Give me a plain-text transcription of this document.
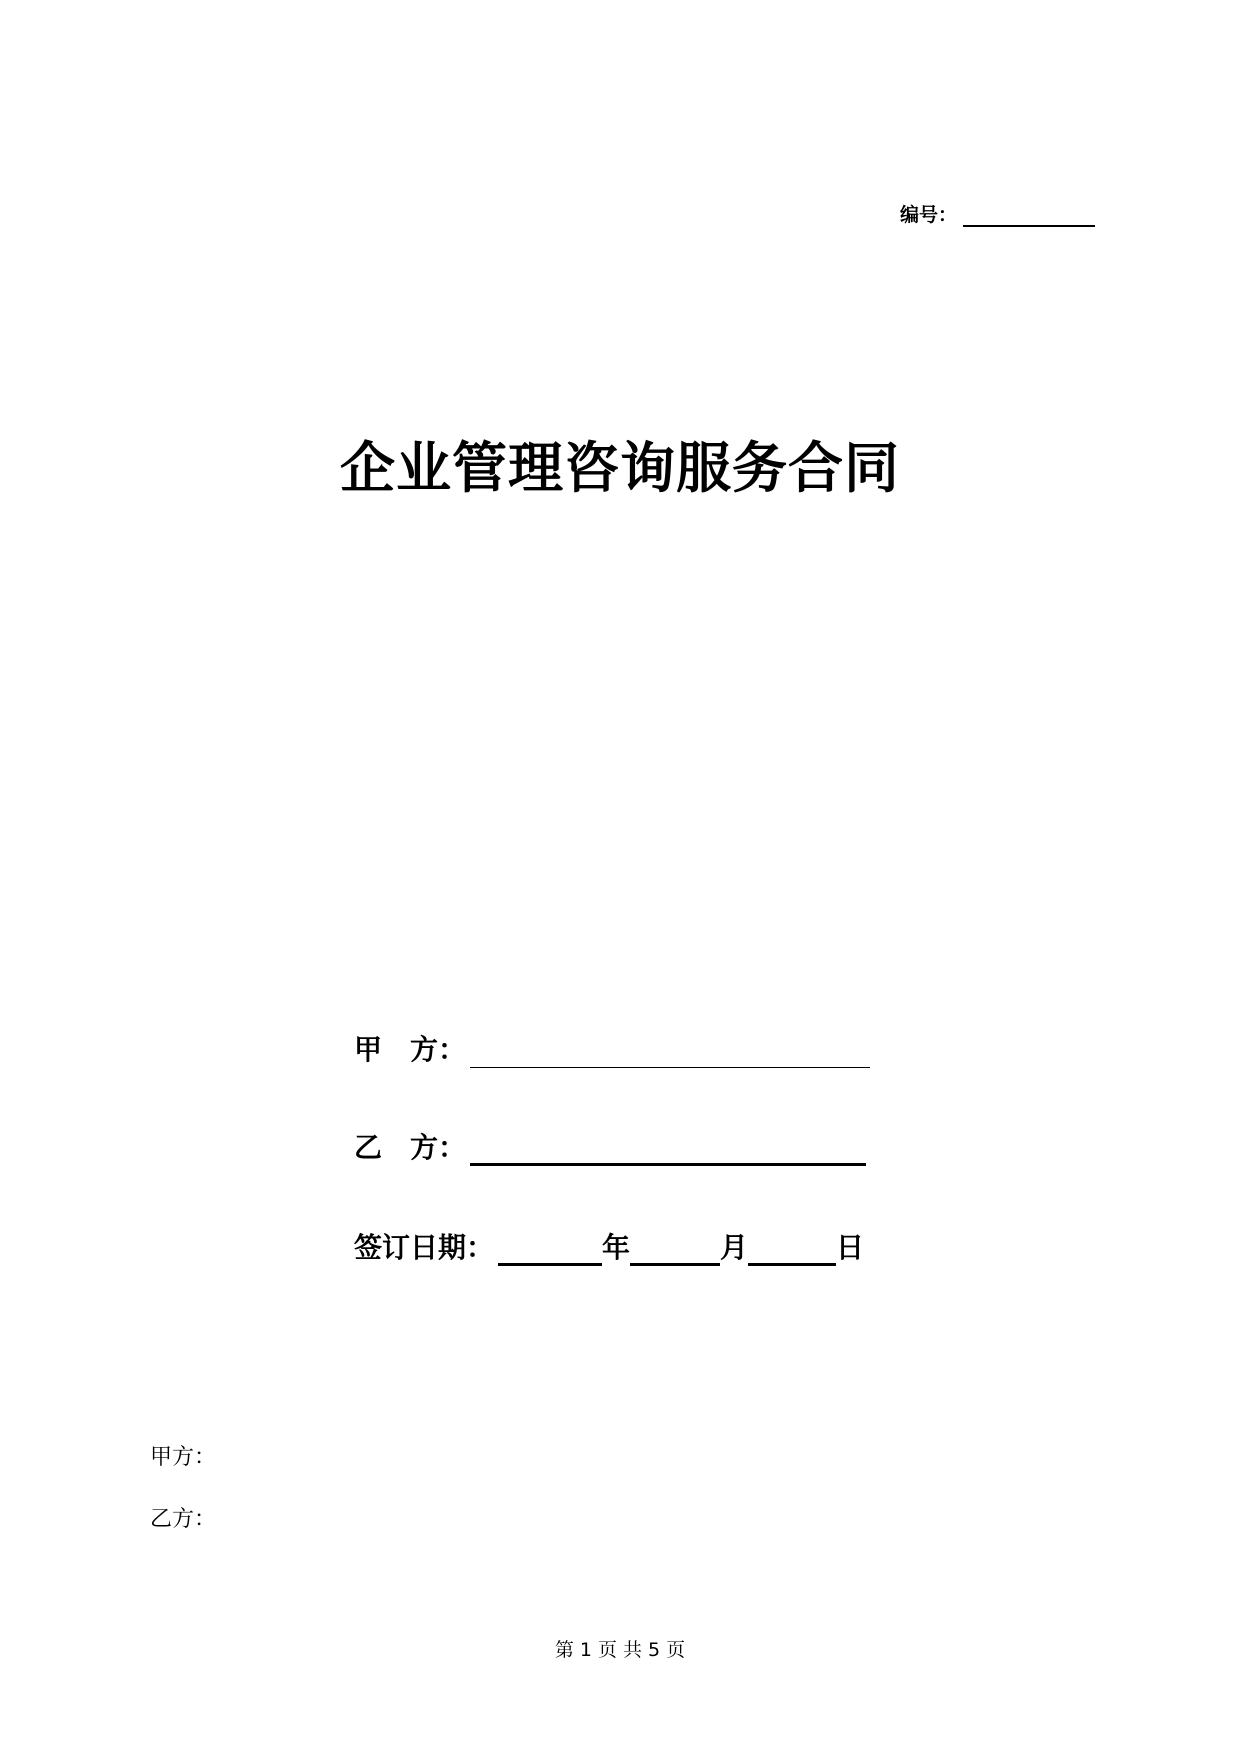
编号：
企业管理咨询服务合同
甲　方：
乙　方：
签订日期：	年	月	日
甲方：
乙方：
第 1 页 共 5 页
